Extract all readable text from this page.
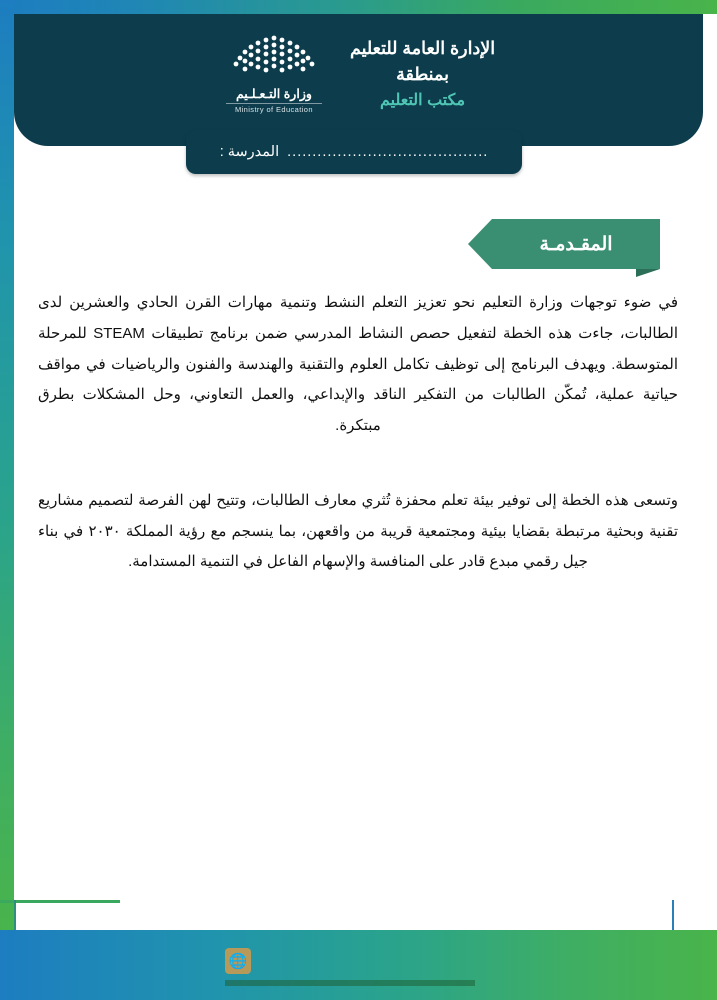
الإدارة العامة للتعليم
بمنطقة
مكتب التعليم
وزارة التـعـلـيم
Ministry of Education
........................................
المدرسة :
المقـدمـة

في ضوء توجهات وزارة التعليم نحو تعزيز التعلم النشط وتنمية مهارات القرن الحادي والعشرين لدى الطالبات، جاءت هذه الخطة لتفعيل حصص النشاط المدرسي ضمن برنامج تطبيقات STEAM للمرحلة المتوسطة. ويهدف البرنامج إلى توظيف تكامل العلوم والتقنية والهندسة والفنون والرياضيات في مواقف حياتية عملية، تُمكّن الطالبات من التفكير الناقد والإبداعي، والعمل التعاوني، وحل المشكلات بطرق مبتكرة.

وتسعى هذه الخطة إلى توفير بيئة تعلم محفزة تُثري معارف الطالبات، وتتيح لهن الفرصة لتصميم مشاريع تقنية وبحثية مرتبطة بقضايا بيئية ومجتمعية قريبة من واقعهن، بما ينسجم مع رؤية المملكة ٢٠٣٠ في بناء جيل رقمي مبدع قادر على المنافسة والإسهام الفاعل في التنمية المستدامة.

🌐
